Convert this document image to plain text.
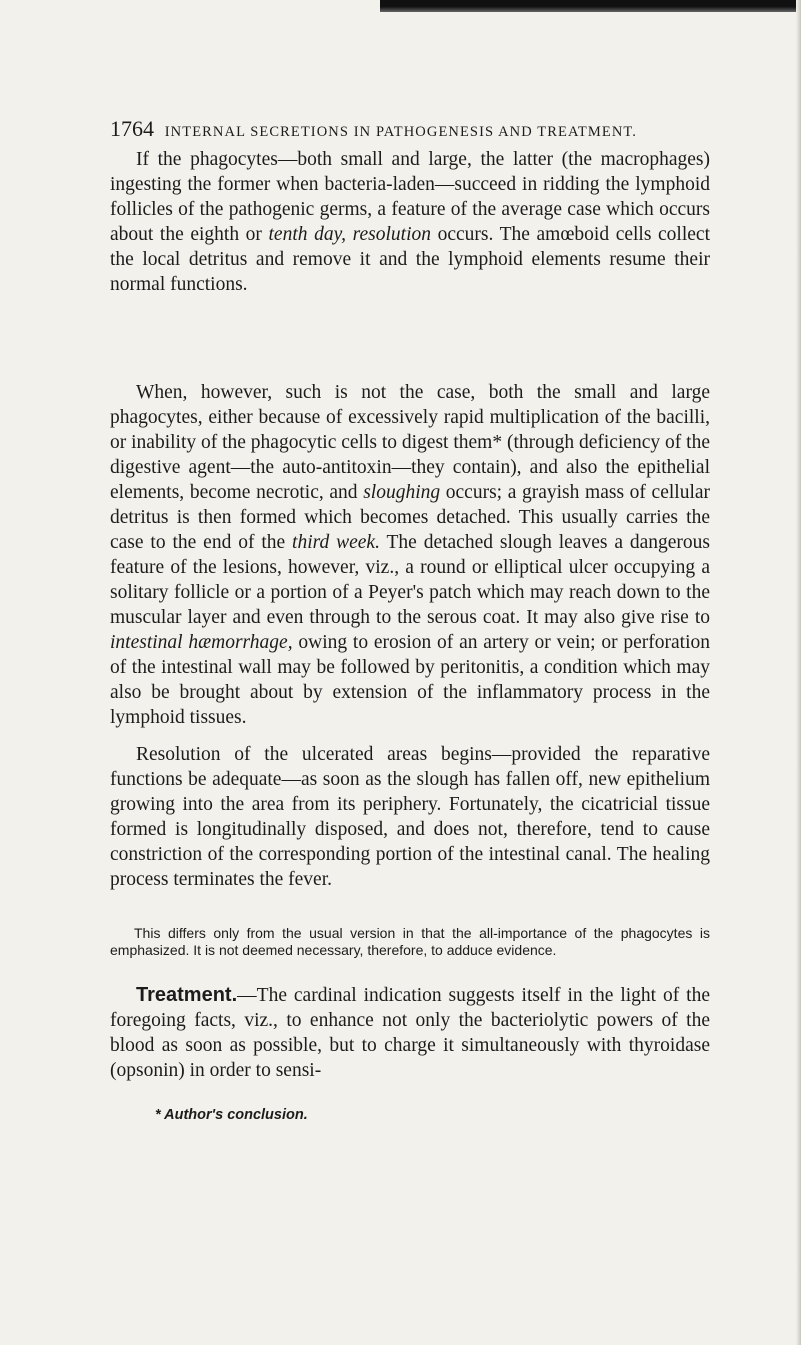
1764 INTERNAL SECRETIONS IN PATHOGENESIS AND TREATMENT.

If the phagocytes—both small and large, the latter (the macrophages) ingesting the former when bacteria-laden—succeed in ridding the lymphoid follicles of the pathogenic germs, a feature of the average case which occurs about the eighth or tenth day, resolution occurs. The amœboid cells collect the local detritus and remove it and the lymphoid elements resume their normal functions.

When, however, such is not the case, both the small and large phagocytes, either because of excessively rapid multiplication of the bacilli, or inability of the phagocytic cells to digest them* (through deficiency of the digestive agent—the auto-antitoxin—they contain), and also the epithelial elements, become necrotic, and sloughing occurs; a grayish mass of cellular detritus is then formed which becomes detached. This usually carries the case to the end of the third week. The detached slough leaves a dangerous feature of the lesions, however, viz., a round or elliptical ulcer occupying a solitary follicle or a portion of a Peyer's patch which may reach down to the muscular layer and even through to the serous coat. It may also give rise to intestinal hæmorrhage, owing to erosion of an artery or vein; or perforation of the intestinal wall may be followed by peritonitis, a condition which may also be brought about by extension of the inflammatory process in the lymphoid tissues.

Resolution of the ulcerated areas begins—provided the reparative functions be adequate—as soon as the slough has fallen off, new epithelium growing into the area from its periphery. Fortunately, the cicatricial tissue formed is longitudinally disposed, and does not, therefore, tend to cause constriction of the corresponding portion of the intestinal canal. The healing process terminates the fever.

This differs only from the usual version in that the all-importance of the phagocytes is emphasized. It is not deemed necessary, therefore, to adduce evidence.

Treatment.—The cardinal indication suggests itself in the light of the foregoing facts, viz., to enhance not only the bacteriolytic powers of the blood as soon as possible, but to charge it simultaneously with thyroidase (opsonin) in order to sensi-

* Author's conclusion.
